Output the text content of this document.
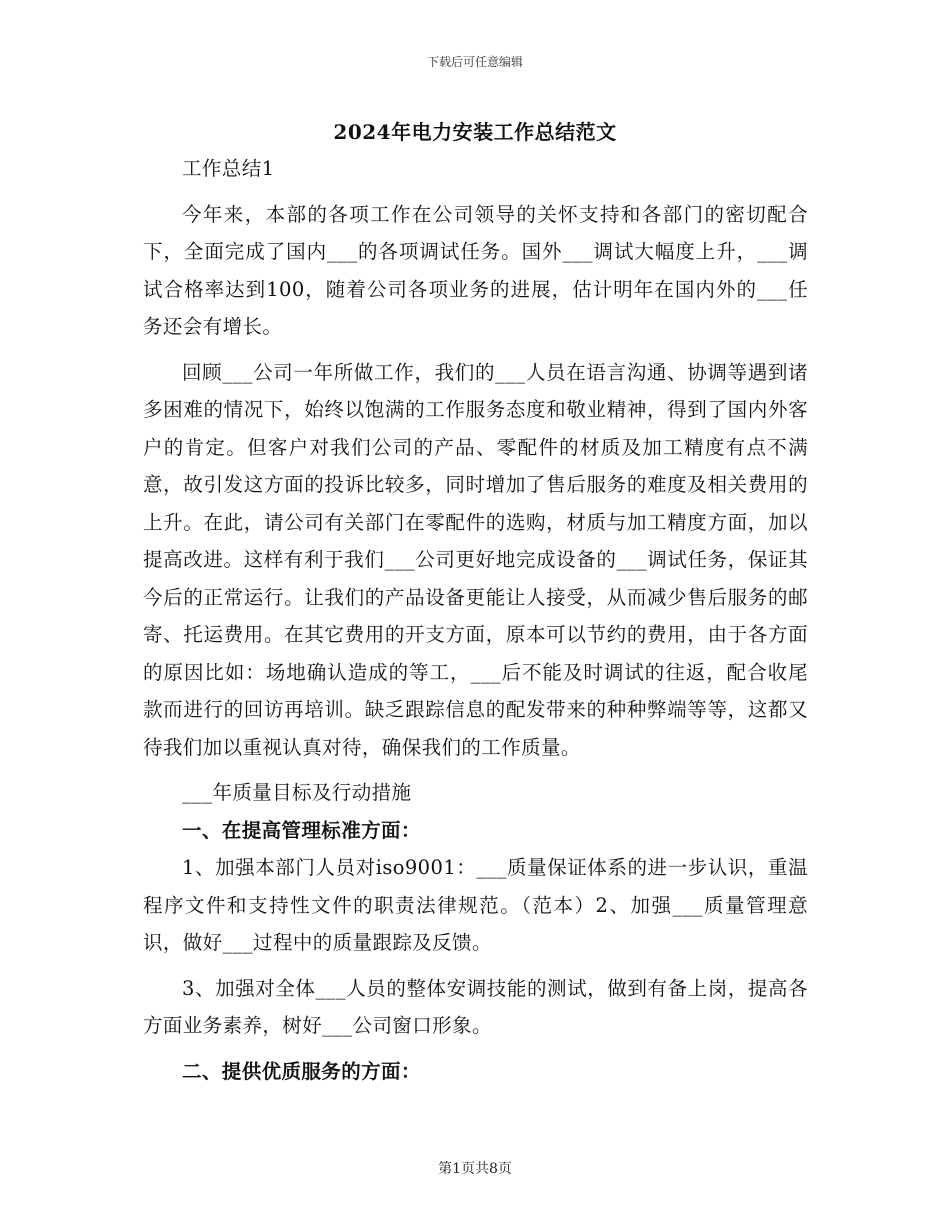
下载后可任意编辑
2024年电力安装工作总结范文

工作总结1

今年来，本部的各项工作在公司领导的关怀支持和各部门的密切配合下，全面完成了国内___的各项调试任务。国外___调试大幅度上升，___调试合格率达到100，随着公司各项业务的进展，估计明年在国内外的___任务还会有增长。

回顾___公司一年所做工作，我们的___人员在语言沟通、协调等遇到诸多困难的情况下，始终以饱满的工作服务态度和敬业精神，得到了国内外客户的肯定。但客户对我们公司的产品、零配件的材质及加工精度有点不满意，故引发这方面的投诉比较多，同时增加了售后服务的难度及相关费用的上升。在此，请公司有关部门在零配件的选购，材质与加工精度方面，加以提高改进。这样有利于我们___公司更好地完成设备的___调试任务，保证其今后的正常运行。让我们的产品设备更能让人接受，从而减少售后服务的邮寄、托运费用。在其它费用的开支方面，原本可以节约的费用，由于各方面的原因比如：场地确认造成的等工，___后不能及时调试的往返，配合收尾款而进行的回访再培训。缺乏跟踪信息的配发带来的种种弊端等等，这都又待我们加以重视认真对待，确保我们的工作质量。

___年质量目标及行动措施

一、在提高管理标准方面：

1、加强本部门人员对iso9001：___质量保证体系的进一步认识，重温程序文件和支持性文件的职责法律规范。（范本）2、加强___质量管理意识，做好___过程中的质量跟踪及反馈。

3、加强对全体___人员的整体安调技能的测试，做到有备上岗，提高各方面业务素养，树好___公司窗口形象。

二、提供优质服务的方面：

第1页共8页
